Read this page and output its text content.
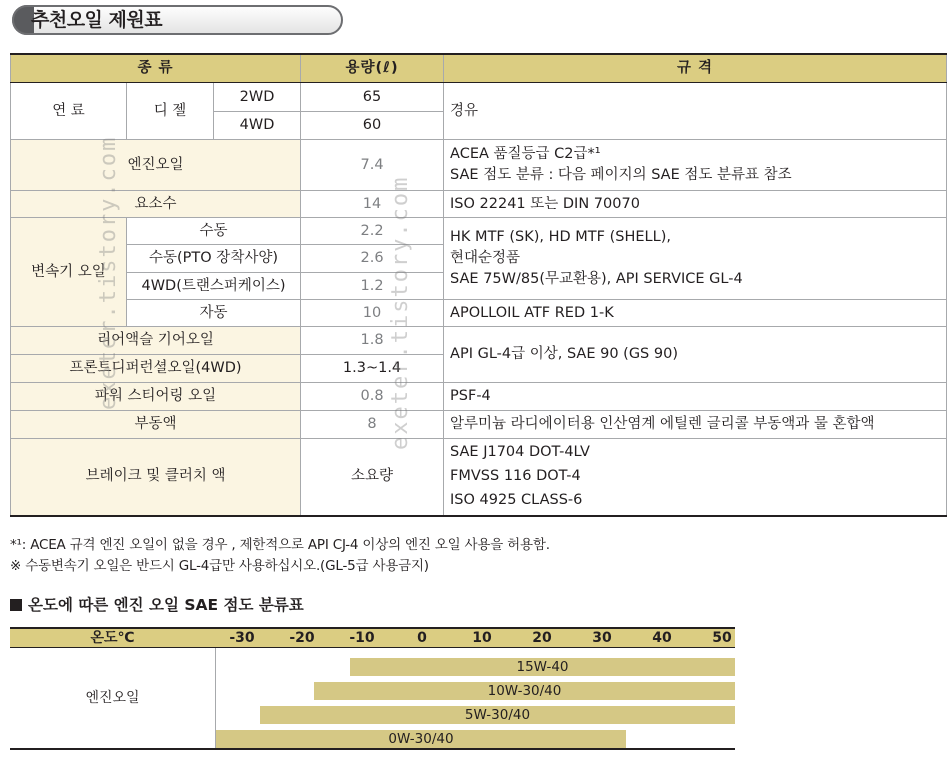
추천오일 제원표
종 류			용량(ℓ)	규 격
연 료	디 젤	2WD	65	경유
		4WD	60	
엔진오일			7.4	ACEA 품질등급 C2급*¹
SAE 점도 분류 : 다음 페이지의 SAE 점도 분류표 참조

요소수			14	ISO 22241 또는 DIN 70070
변속기 오일	수동		2.2	HK MTF (SK), HD MTF (SHELL),
현대순정품
SAE 75W/85(무교환용), API SERVICE GL-4

	수동(PTO 장착사양)		2.6	
	4WD(트랜스퍼케이스)		1.2	
	자동		10	APOLLOIL ATF RED 1-K
리어액슬 기어오일			1.8	API GL-4급 이상, SAE 90 (GS 90)
프론트디퍼런셜오일(4WD)			1.3~1.4	
파워 스티어링 오일			0.8	PSF-4
부동액			8	알루미늄 라디에이터용 인산염계 에틸렌 글리콜 부동액과 물 혼합액
브레이크 및 클러치 액			소요량	SAE J1704 DOT-4LV
FMVSS 116 DOT-4
ISO 4925 CLASS-6
exeter.tistory.com	exeter.tistory.com
*¹: ACEA 규격 엔진 오일이 없을 경우 , 제한적으로 API CJ-4 이상의 엔진 오일 사용을 허용함.
※ 수동변속기 오일은 반드시 GL-4급만 사용하십시오.(GL-5급 사용금지)
온도에 따른 엔진 오일 SAE 점도 분류표
온도℃	-30	-20	-10	0	10	20	30	40	50
엔진오일
15W-40
10W-30/40
5W-30/40
0W-30/40
